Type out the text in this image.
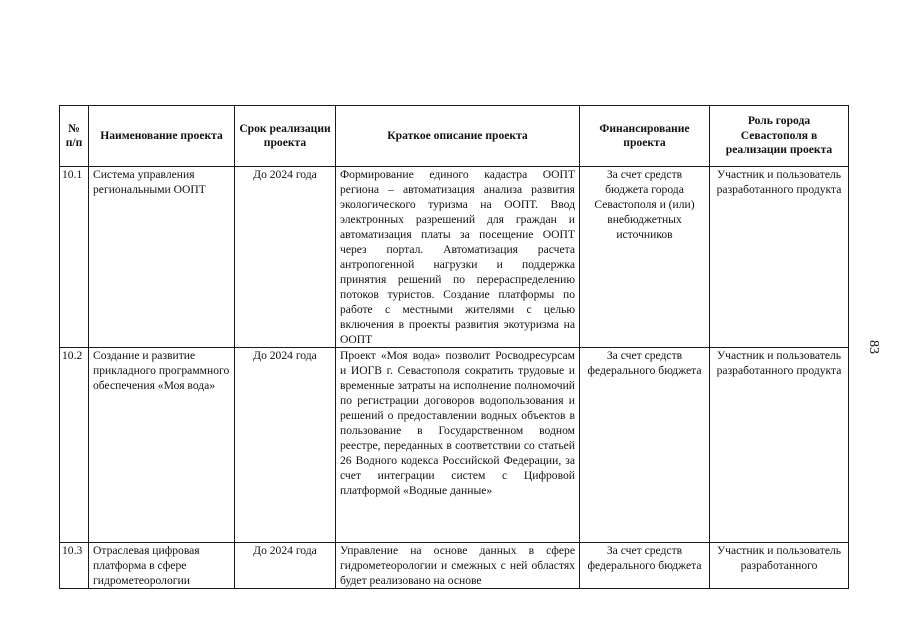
№ п/п	Наименование проекта	Срок реализации проекта	Краткое описание проекта	Финансирование проекта	Роль города Севастополя в реализации проекта
10.1	Система управления региональными ООПТ	До 2024 года	Формирование единого кадастра ООПТ региона – автоматизация анализа развития экологического туризма на ООПТ. Ввод электронных разрешений для граждан и автоматизация платы за посещение ООПТ через портал. Автоматизация расчета антропогенной нагрузки и поддержка принятия решений по перераспределению потоков туристов. Создание платформы по работе с местными жителями с целью включения в проекты развития экотуризма на ООПТ	За счет средств бюджета города Севастополя и (или) внебюджетных источников	Участник и пользователь разработанного продукта
10.2	Создание и развитие прикладного программного обеспечения «Моя вода»	До 2024 года	Проект «Моя вода» позволит Росводресурсам и ИОГВ г. Севастополя сократить трудовые и временные затраты на исполнение полномочий по регистрации договоров водопользования и решений о предоставлении водных объектов в пользование в Государственном водном реестре, переданных в соответствии со статьей 26 Водного кодекса Российской Федерации, за счет интеграции систем с Цифровой платформой «Водные данные»	За счет средств федерального бюджета	Участник и пользователь разработанного продукта

10.3	Отраслевая цифровая платформа в сфере гидрометеорологии	До 2024 года	Управление на основе данных в сфере гидрометеорологии и смежных с ней областях будет реализовано на основе	За счет средств федерального бюджета	Участник и пользователь разработанного
83
